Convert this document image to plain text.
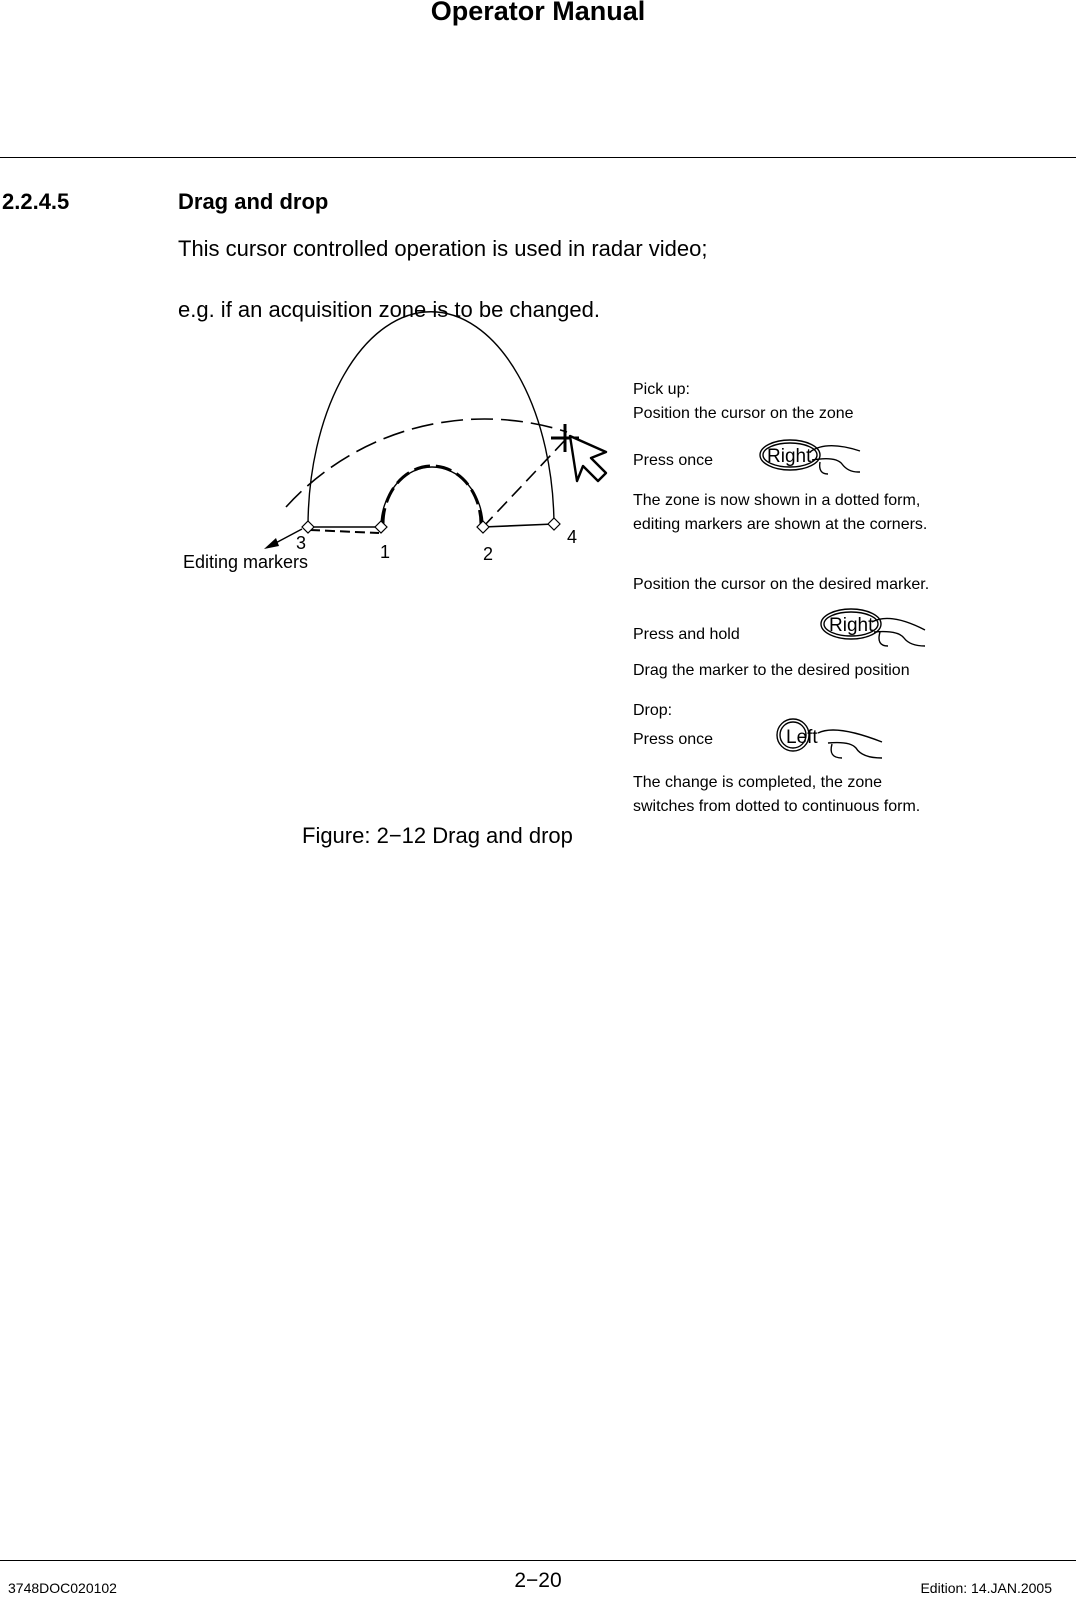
Operator Manual
2.2.4.5	Drag and drop
This cursor controlled operation is used in radar video;
e.g. if an acquisition zone is to be changed.
Right
Right
Left
3	1	2
4
Editing markers
Pick up:
Position the cursor on the zone
Press once
The zone is now shown in a dotted form,
editing markers are shown at the corners.
Position the cursor on the desired marker.
Press and hold
Drag the marker to the desired position
Drop:
Press once
The change is completed, the zone
switches from dotted to continuous form.
Figure: 2−12 Drag and drop
3748DOC020102	2−20	Edition: 14.JAN.2005
